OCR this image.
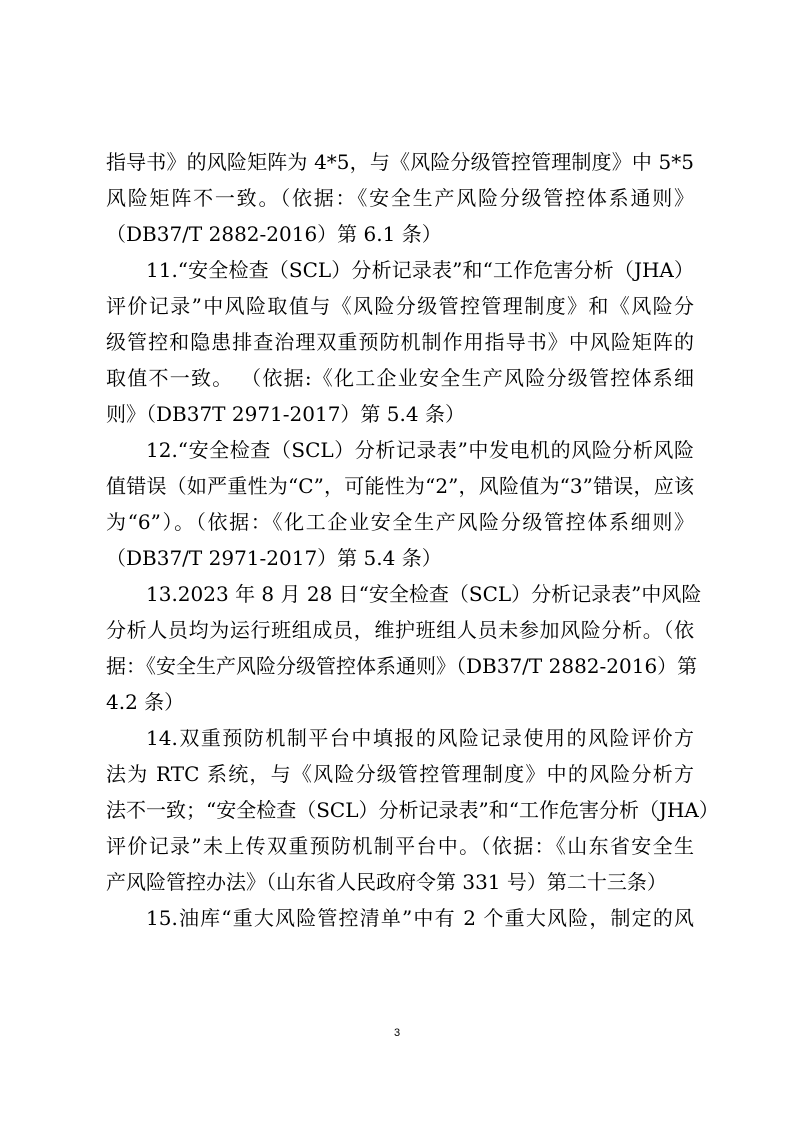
指导书》的风险矩阵为 4*5，与《风险分级管控管理制度》中 5*5
风险矩阵不一致。（依据：《安全生产风险分级管控体系通则》
（DB37/T 2882-2016）第 6.1 条）
11.“安全检查（SCL）分析记录表”和“工作危害分析（JHA）
评价记录”中风险取值与《风险分级管控管理制度》和《风险分
级管控和隐患排查治理双重预防机制作用指导书》中风险矩阵的
取值不一致。 （依据:《化工企业安全生产风险分级管控体系细
则》（DB37T 2971-2017）第 5.4 条）
12.“安全检查（SCL）分析记录表”中发电机的风险分析风险
值错误（如严重性为“C”，可能性为“2”，风险值为“3”错误，应该
为“6”）。（依据：《化工企业安全生产风险分级管控体系细则》
（DB37/T 2971-2017）第 5.4 条）
13.2023 年 8 月 28 日“安全检查（SCL）分析记录表”中风险
分析人员均为运行班组成员，维护班组人员未参加风险分析。（依
据：《安全生产风险分级管控体系通则》（DB37/T 2882-2016）第
4.2 条）
14.双重预防机制平台中填报的风险记录使用的风险评价方
法为 RTC 系统，与《风险分级管控管理制度》中的风险分析方
法不一致；“安全检查（SCL）分析记录表”和“工作危害分析（JHA）
评价记录”未上传双重预防机制平台中。（依据：《山东省安全生
产风险管控办法》（山东省人民政府令第 331 号）第二十三条）
15.油库“重大风险管控清单”中有 2 个重大风险，制定的风
3
